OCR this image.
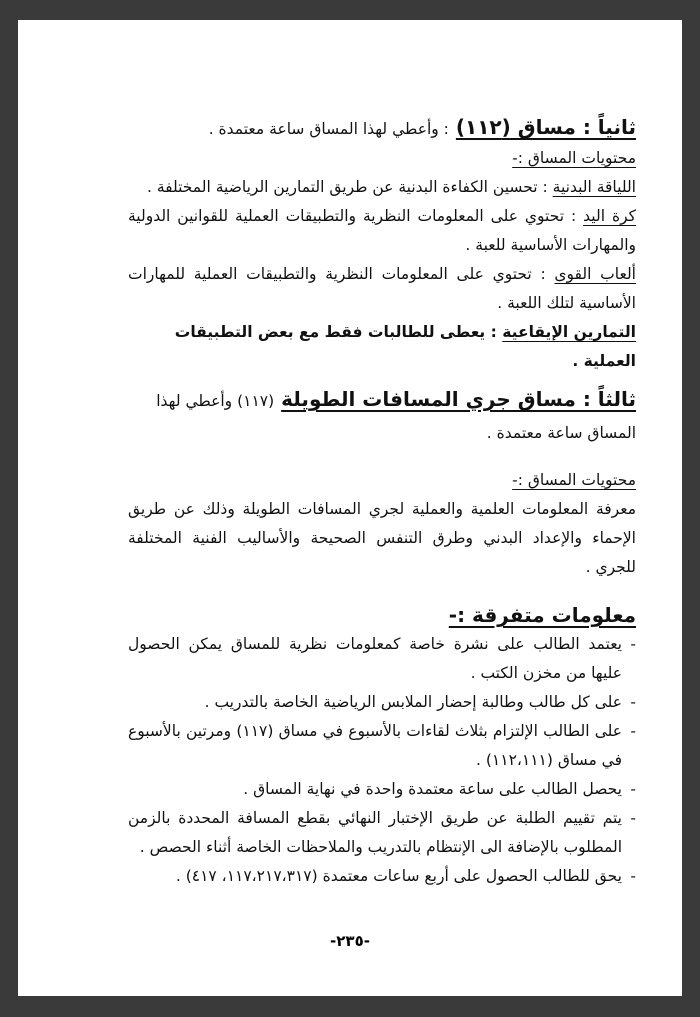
ثانياً : مساق (١١٢) : وأعطي لهذا المساق ساعة معتمدة .

محتويات المساق :-

اللياقة البدنية : تحسين الكفاءة البدنية عن طريق التمارين الرياضية المختلفة .

كرة اليد : تحتوي على المعلومات النظرية والتطبيقات العملية للقوانين الدولية والمهارات الأساسية للعبة .

ألعاب القوى : تحتوي على المعلومات النظرية والتطبيقات العملية للمهارات الأساسية لتلك اللعبة .

التمارين الإيقاعية : يعطى للطالبات فقط مع بعض التطبيقات العملية .

ثالثاً : مساق جري المسافات الطويلة (١١٧) وأعطي لهذا المساق ساعة معتمدة .

محتويات المساق :-

معرفة المعلومات العلمية والعملية لجري المسافات الطويلة وذلك عن طريق الإحماء والإعداد البدني وطرق التنفس الصحيحة والأساليب الفنية المختلفة للجري .

معلومات متفرقة :-

- يعتمد الطالب على نشرة خاصة كمعلومات نظرية للمساق يمكن الحصول عليها من مخزن الكتب .
- على كل طالب وطالبة إحضار الملابس الرياضية الخاصة بالتدريب .
- على الطالب الإلتزام بثلاث لقاءات بالأسبوع في مساق (١١٧) ومرتين بالأسبوع في مساق (١١٢،١١١) .
- يحصل الطالب على ساعة معتمدة واحدة في نهاية المساق .
- يتم تقييم الطلبة عن طريق الإختبار النهائي بقطع المسافة المحددة بالزمن المطلوب بالإضافة الى الإنتظام بالتدريب والملاحظات الخاصة أثناء الحصص .
- يحق للطالب الحصول على أربع ساعات معتمدة (١١٧،٢١٧،٣١٧، ٤١٧) .
-٢٣٥-
